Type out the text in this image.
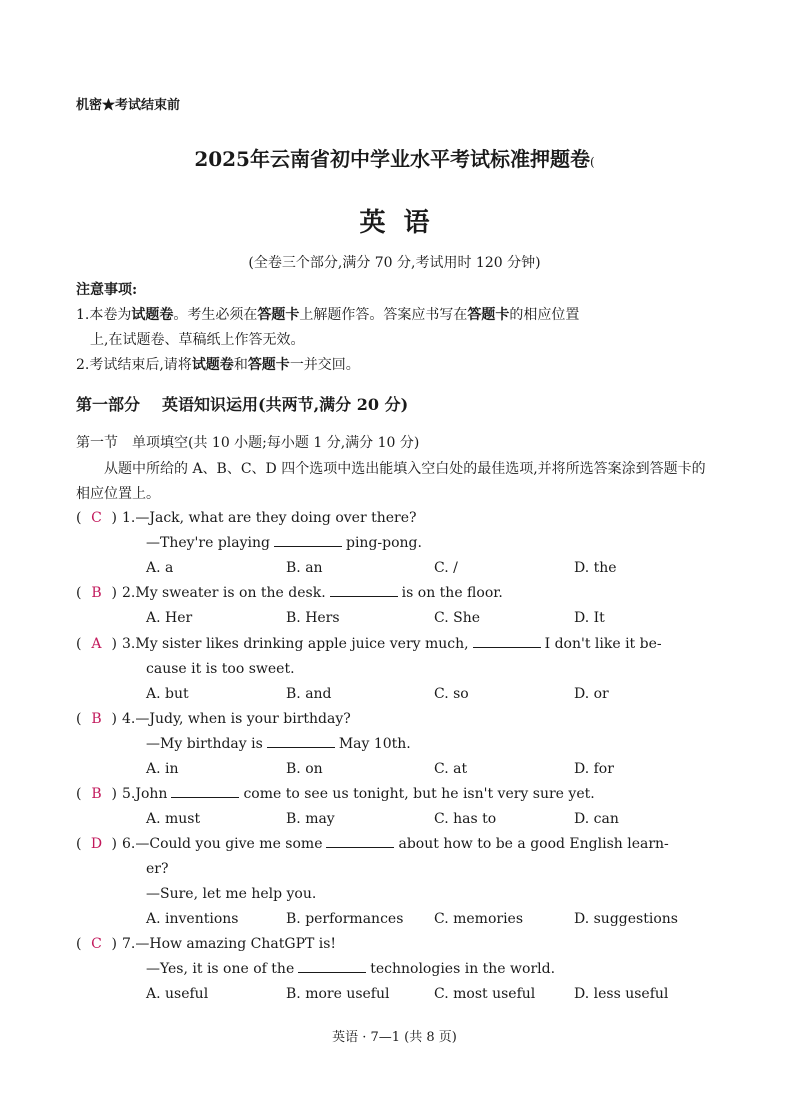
机密★考试结束前
2025年云南省初中学业水平考试标准押题卷(
英语
(全卷三个部分,满分 70 分,考试用时 120 分钟)
注意事项:
1.本卷为试题卷。考生必须在答题卡上解题作答。答案应书写在答题卡的相应位置
上,在试题卷、草稿纸上作答无效。
2.考试结束后,请将试题卷和答题卡一并交回。
第一部分 英语知识运用(共两节,满分 20 分)
第一节 单项填空(共 10 小题;每小题 1 分,满分 10 分)
从题中所给的 A、B、C、D 四个选项中选出能填入空白处的最佳选项,并将所选答案涂到答题卡的相应位置上。
( C ) 1.—Jack, what are they doing over there?
—They're playing	ping-pong.
A. a	B. an	C. /	D. the
( B ) 2.My sweater is on the desk.	is on the floor.
A. Her	B. Hers	C. She	D. It
( A ) 3.My sister likes drinking apple juice very much,	I don't like it be-
cause it is too sweet.
A. but	B. and	C. so	D. or
( B ) 4.—Judy, when is your birthday?
—My birthday is	May 10th.
A. in	B. on	C. at	D. for
( B ) 5.John	come to see us tonight, but he isn't very sure yet.
A. must	B. may	C. has to	D. can
( D ) 6.—Could you give me some	about how to be a good English learn-
er?
—Sure, let me help you.
A. inventions	B. performances C. memories	D. suggestions
( C ) 7.—How amazing ChatGPT is!
—Yes, it is one of the	technologies in the world.
A. useful	B. more useful	C. most useful	D. less useful
英语 · 7—1 (共 8 页)
